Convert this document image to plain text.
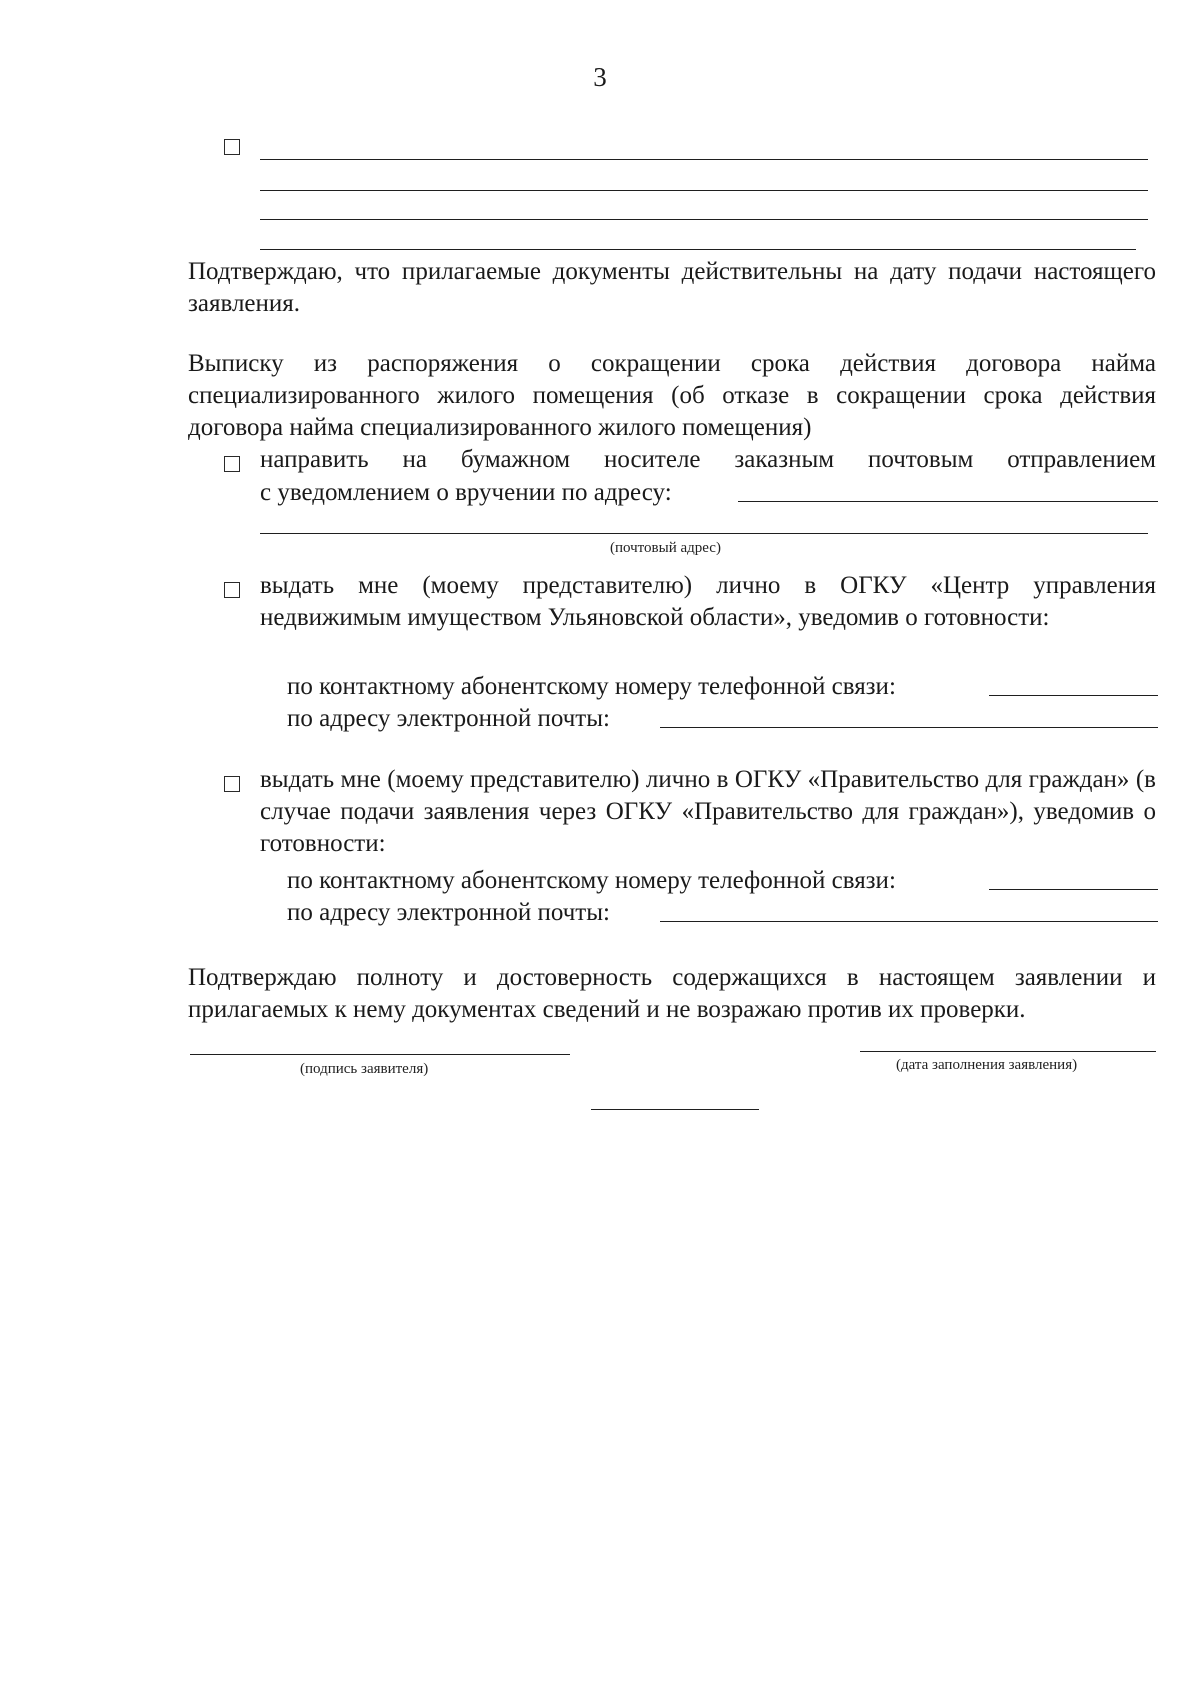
3
Подтверждаю, что прилагаемые документы действительны на дату подачи настоящего заявления.
Выписку из распоряжения о сокращении срока действия договора найма специализированного жилого помещения (об отказе в сокращении срока действия договора найма специализированного жилого помещения)
направить на бумажном носителе заказным почтовым отправлением
с уведомлением о вручении по адресу:
(почтовый адрес)
выдать мне (моему представителю) лично в ОГКУ «Центр управления недвижимым имуществом Ульяновской области», уведомив о готовности:
по контактному абонентскому номеру телефонной связи:
по адресу электронной почты:
выдать мне (моему представителю) лично в ОГКУ «Правительство для граждан» (в случае подачи заявления через ОГКУ «Правительство для граждан»), уведомив о готовности:
по контактному абонентскому номеру телефонной связи:
по адресу электронной почты:
Подтверждаю полноту и достоверность содержащихся в настоящем заявлении и прилагаемых к нему документах сведений и не возражаю против их проверки.
(подпись заявителя)	(дата заполнения заявления)
